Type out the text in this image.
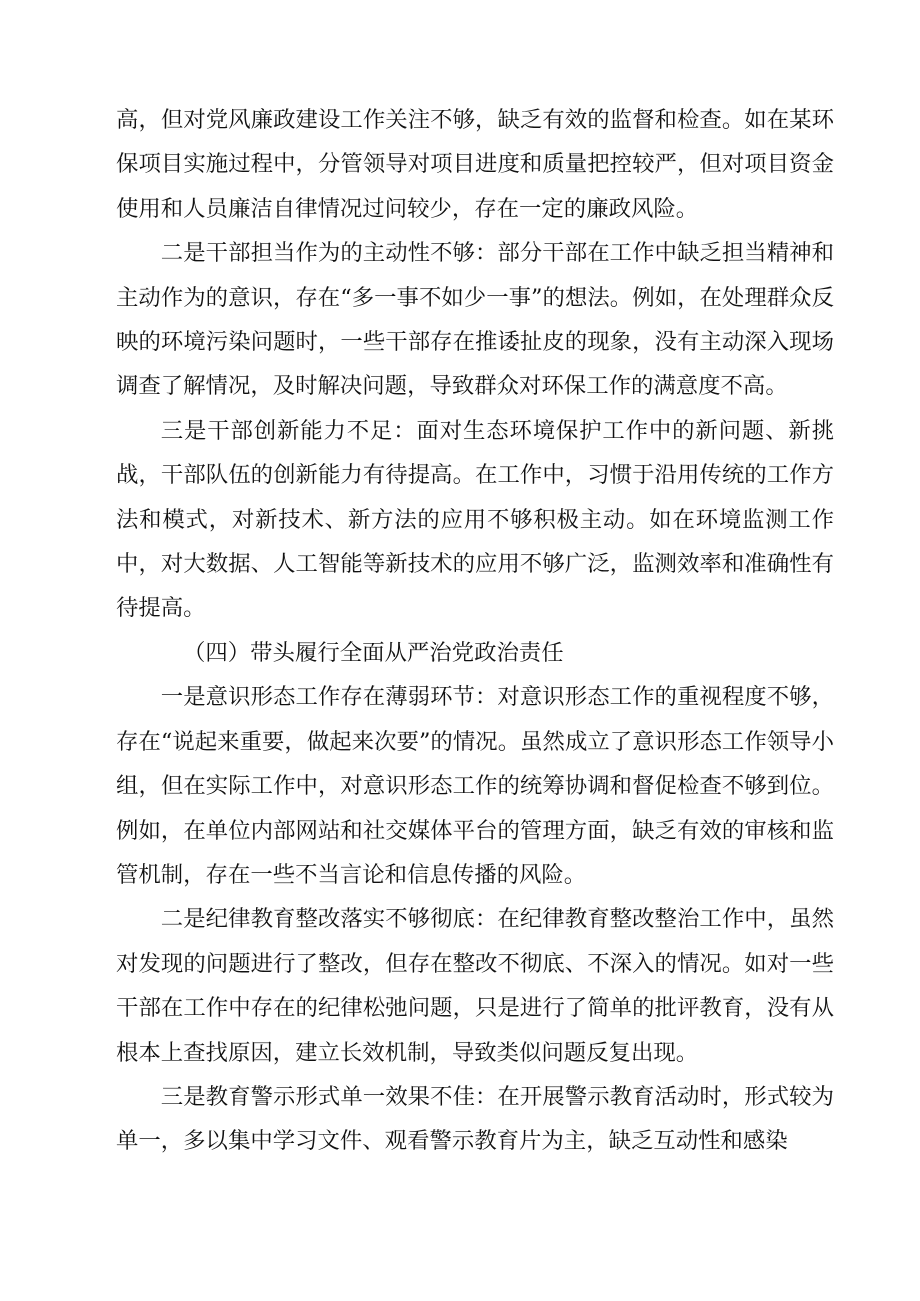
高，但对党风廉政建设工作关注不够，缺乏有效的监督和检查。如在某环保项目实施过程中，分管领导对项目进度和质量把控较严，但对项目资金使用和人员廉洁自律情况过问较少，存在一定的廉政风险。

二是干部担当作为的主动性不够：部分干部在工作中缺乏担当精神和主动作为的意识，存在“多一事不如少一事”的想法。例如，在处理群众反映的环境污染问题时，一些干部存在推诿扯皮的现象，没有主动深入现场调查了解情况，及时解决问题，导致群众对环保工作的满意度不高。

三是干部创新能力不足：面对生态环境保护工作中的新问题、新挑战，干部队伍的创新能力有待提高。在工作中，习惯于沿用传统的工作方法和模式，对新技术、新方法的应用不够积极主动。如在环境监测工作中，对大数据、人工智能等新技术的应用不够广泛，监测效率和准确性有待提高。

（四）带头履行全面从严治党政治责任

一是意识形态工作存在薄弱环节：对意识形态工作的重视程度不够，存在“说起来重要，做起来次要”的情况。虽然成立了意识形态工作领导小组，但在实际工作中，对意识形态工作的统筹协调和督促检查不够到位。例如，在单位内部网站和社交媒体平台的管理方面，缺乏有效的审核和监管机制，存在一些不当言论和信息传播的风险。

二是纪律教育整改落实不够彻底：在纪律教育整改整治工作中，虽然对发现的问题进行了整改，但存在整改不彻底、不深入的情况。如对一些干部在工作中存在的纪律松弛问题，只是进行了简单的批评教育，没有从根本上查找原因，建立长效机制，导致类似问题反复出现。

三是教育警示形式单一效果不佳：在开展警示教育活动时，形式较为单一，多以集中学习文件、观看警示教育片为主，缺乏互动性和感染
